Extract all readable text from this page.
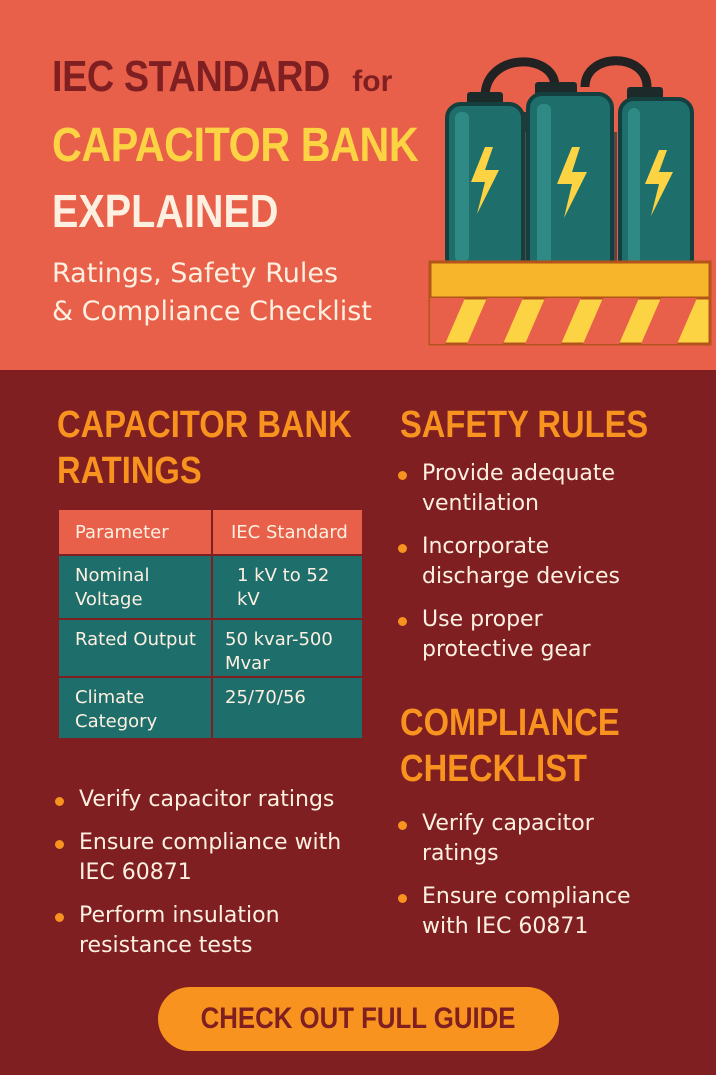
IEC STANDARD for
CAPACITOR BANK
EXPLAINED
Ratings, Safety Rules
& Compliance Checklist
CAPACITOR BANK
RATINGS
Parameter	IEC Standard

Nominal
Voltage	1 kV to 52 kV

Rated Output	50 kvar-500
Mvar

Climate
Category	25/70/56
Verify capacitor ratings
Ensure compliance with
IEC 60871
Perform insulation
resistance tests
SAFETY RULES
Provide adequate
ventilation
Incorporate
discharge devices
Use proper
protective gear
COMPLIANCE
CHECKLIST
Verify capacitor
ratings
Ensure compliance
with IEC 60871
CHECK OUT FULL GUIDE
